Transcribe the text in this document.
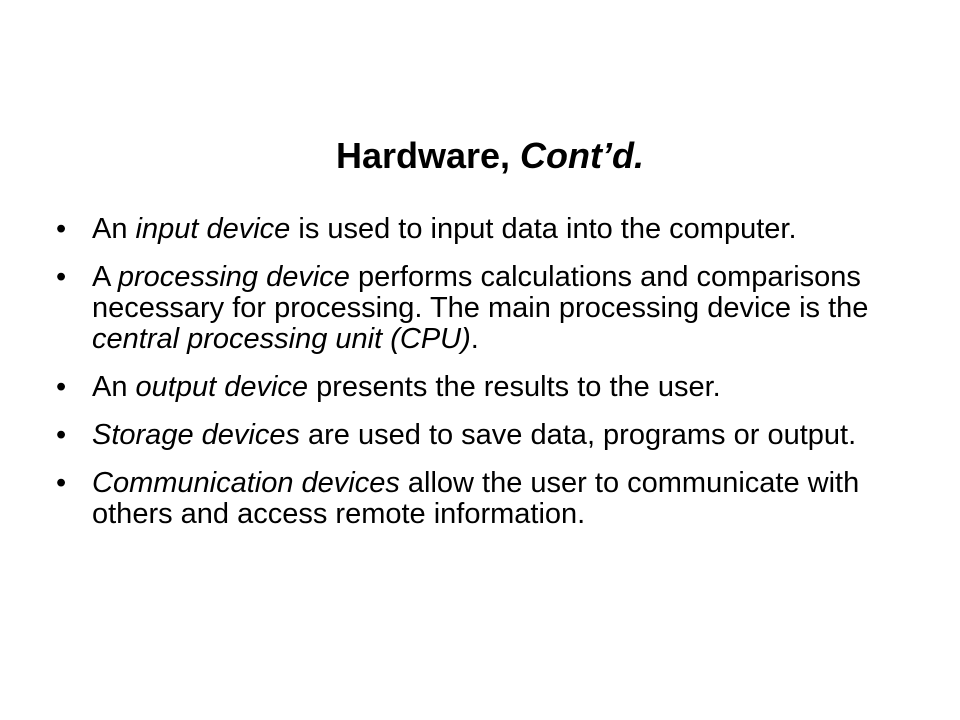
Hardware, Cont’d.
• An input device is used to input data into the computer.
• A processing device performs calculations and comparisons necessary for processing. The main processing device is the central processing unit (CPU).
• An output device presents the results to the user.
• Storage devices are used to save data, programs or output.
• Communication devices allow the user to communicate with others and access remote information.
